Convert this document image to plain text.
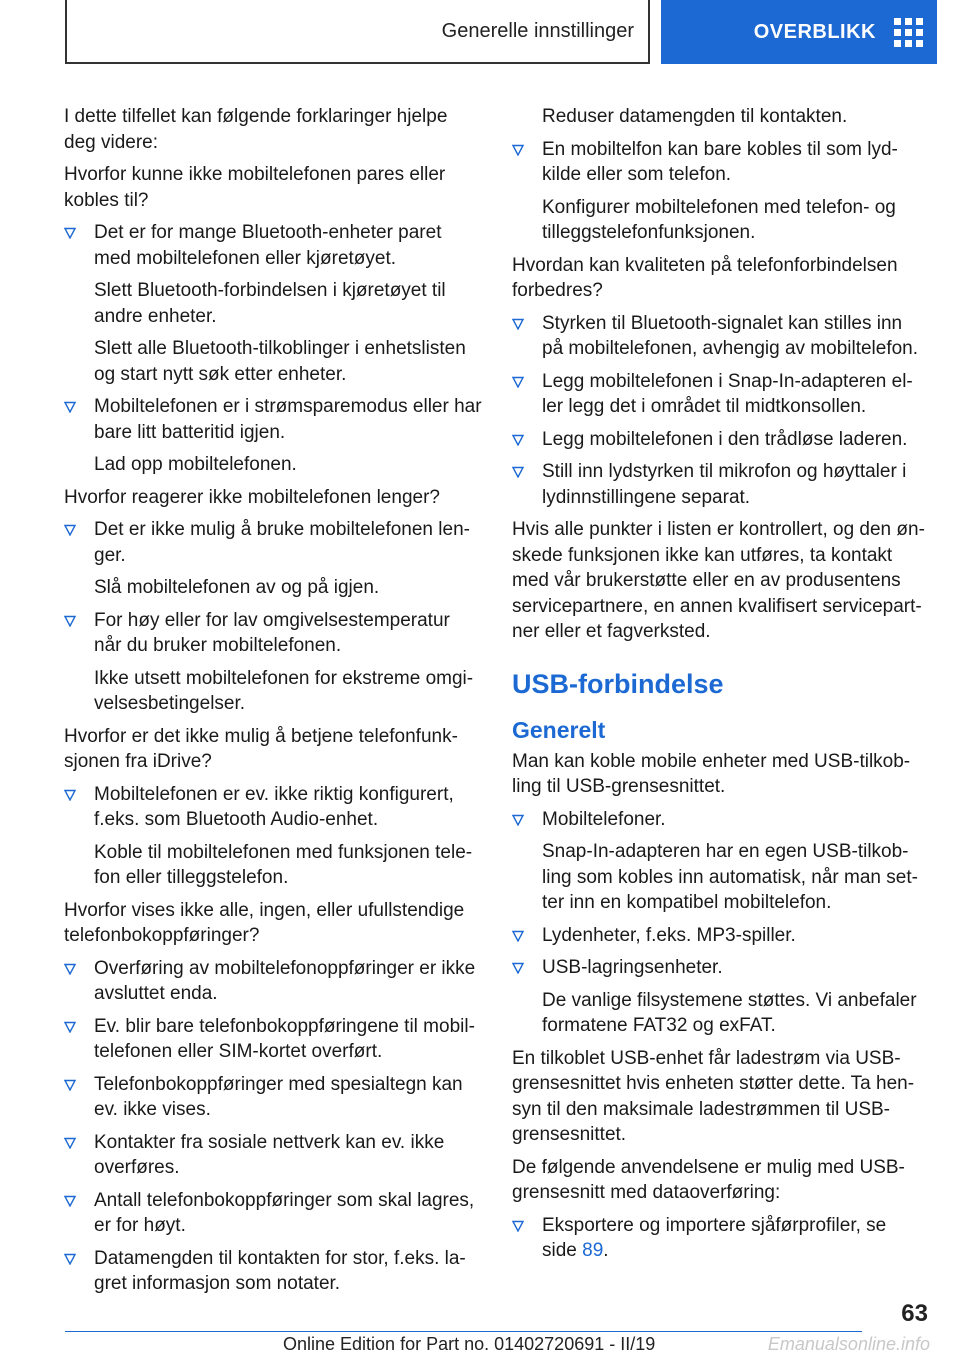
Generelle innstillinger	OVERBLIKK

I dette tilfellet kan følgende forklaringer hjelpe deg videre:

Hvorfor kunne ikke mobiltelefonen pares eller kobles til?

Det er for mange Bluetooth-enheter paret med mobiltelefonen eller kjøretøyet.

Slett Bluetooth-forbindelsen i kjøretøyet til andre enheter.

Slett alle Bluetooth-tilkoblinger i enhetslisten og start nytt søk etter enheter.

Mobiltelefonen er i strømsparemodus eller har bare litt batteritid igjen.

Lad opp mobiltelefonen.

Hvorfor reagerer ikke mobiltelefonen lenger?

Det er ikke mulig å bruke mobiltelefonen len‐ ger.

Slå mobiltelefonen av og på igjen.

For høy eller for lav omgivelsestemperatur når du bruker mobiltelefonen.

Ikke utsett mobiltelefonen for ekstreme omgi‐ velsesbetingelser.

Hvorfor er det ikke mulig å betjene telefonfunk‐ sjonen fra iDrive?

Mobiltelefonen er ev. ikke riktig konfigurert, f.eks. som Bluetooth Audio-enhet.

Koble til mobiltelefonen med funksjonen tele‐ fon eller tilleggstelefon.

Hvorfor vises ikke alle, ingen, eller ufullstendige telefonbokoppføringer?

Overføring av mobiltelefonoppføringer er ikke avsluttet enda.
Ev. blir bare telefonbokoppføringene til mobil‐ telefonen eller SIM-kortet overført.
Telefonbokoppføringer med spesialtegn kan ev. ikke vises.
Kontakter fra sosiale nettverk kan ev. ikke overføres.
Antall telefonbokoppføringer som skal lagres, er for høyt.
Datamengden til kontakten for stor, f.eks. la‐ gret informasjon som notater.

Reduser datamengden til kontakten.

En mobiltelfon kan bare kobles til som lyd‐ kilde eller som telefon.

Konfigurer mobiltelefonen med telefon- og tilleggstelefonfunksjonen.

Hvordan kan kvaliteten på telefonforbindelsen forbedres?

Styrken til Bluetooth-signalet kan stilles inn på mobiltelefonen, avhengig av mobiltelefon.
Legg mobiltelefonen i Snap-In-adapteren el‐ ler legg det i området til midtkonsollen.
Legg mobiltelefonen i den trådløse laderen.
Still inn lydstyrken til mikrofon og høyttaler i lydinnstillingene separat.

Hvis alle punkter i listen er kontrollert, og den øn‐ skede funksjonen ikke kan utføres, ta kontakt med vår brukerstøtte eller en av produsentens servicepartnere, en annen kvalifisert servicepart‐ ner eller et fagverksted.

USB-forbindelse
Generelt

Man kan koble mobile enheter med USB-tilkob‐ ling til USB-grensesnittet.

Mobiltelefoner.

Snap-In-adapteren har en egen USB-tilkob‐ ling som kobles inn automatisk, når man set‐ ter inn en kompatibel mobiltelefon.

Lydenheter, f.eks. MP3-spiller.
USB-lagringsenheter.

De vanlige filsystemene støttes. Vi anbefaler formatene FAT32 og exFAT.

En tilkoblet USB-enhet får ladestrøm via USB-grensesnittet hvis enheten støtter dette. Ta hen‐ syn til den maksimale ladestrømmen til USB-grensesnittet.

De følgende anvendelsene er mulig med USB-grensesnitt med dataoverføring:

Eksportere og importere sjåførprofiler, se side 89.
63
Online Edition for Part no. 01402720691 - II/19	Emanualsonline.info
